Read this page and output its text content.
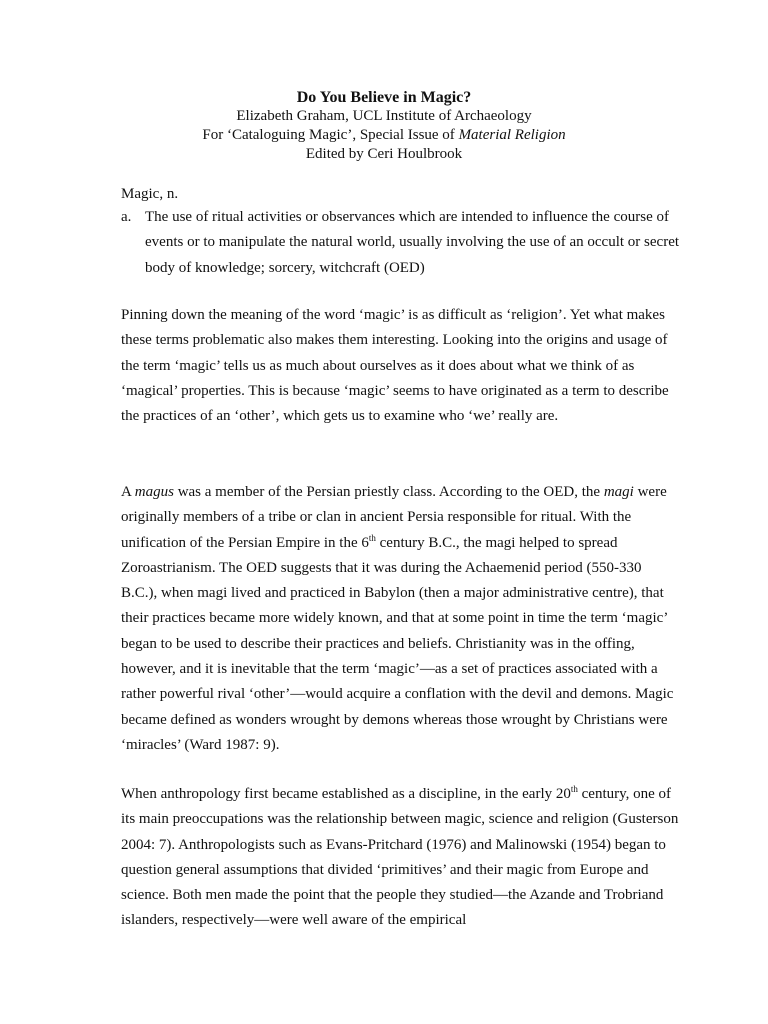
Do You Believe in Magic?
Elizabeth Graham, UCL Institute of Archaeology
For ‘Cataloguing Magic’, Special Issue of Material Religion
Edited by Ceri Houlbrook
Magic, n.
a. The use of ritual activities or observances which are intended to influence the course of events or to manipulate the natural world, usually involving the use of an occult or secret body of knowledge; sorcery, witchcraft (OED)

Pinning down the meaning of the word ‘magic’ is as difficult as ‘religion’. Yet what makes these terms problematic also makes them interesting. Looking into the origins and usage of the term ‘magic’ tells us as much about ourselves as it does about what we think of as ‘magical’ properties. This is because ‘magic’ seems to have originated as a term to describe the practices of an ‘other’, which gets us to examine who ‘we’ really are.

A magus was a member of the Persian priestly class. According to the OED, the magi were originally members of a tribe or clan in ancient Persia responsible for ritual. With the unification of the Persian Empire in the 6th century B.C., the magi helped to spread Zoroastrianism. The OED suggests that it was during the Achaemenid period (550-330 B.C.), when magi lived and practiced in Babylon (then a major administrative centre), that their practices became more widely known, and that at some point in time the term ‘magic’ began to be used to describe their practices and beliefs. Christianity was in the offing, however, and it is inevitable that the term ‘magic’—as a set of practices associated with a rather powerful rival ‘other’—would acquire a conflation with the devil and demons. Magic became defined as wonders wrought by demons whereas those wrought by Christians were ‘miracles’ (Ward 1987: 9).

When anthropology first became established as a discipline, in the early 20th century, one of its main preoccupations was the relationship between magic, science and religion (Gusterson 2004: 7). Anthropologists such as Evans-Pritchard (1976) and Malinowski (1954) began to question general assumptions that divided ‘primitives’ and their magic from Europe and science. Both men made the point that the people they studied—the Azande and Trobriand islanders, respectively—were well aware of the empirical
